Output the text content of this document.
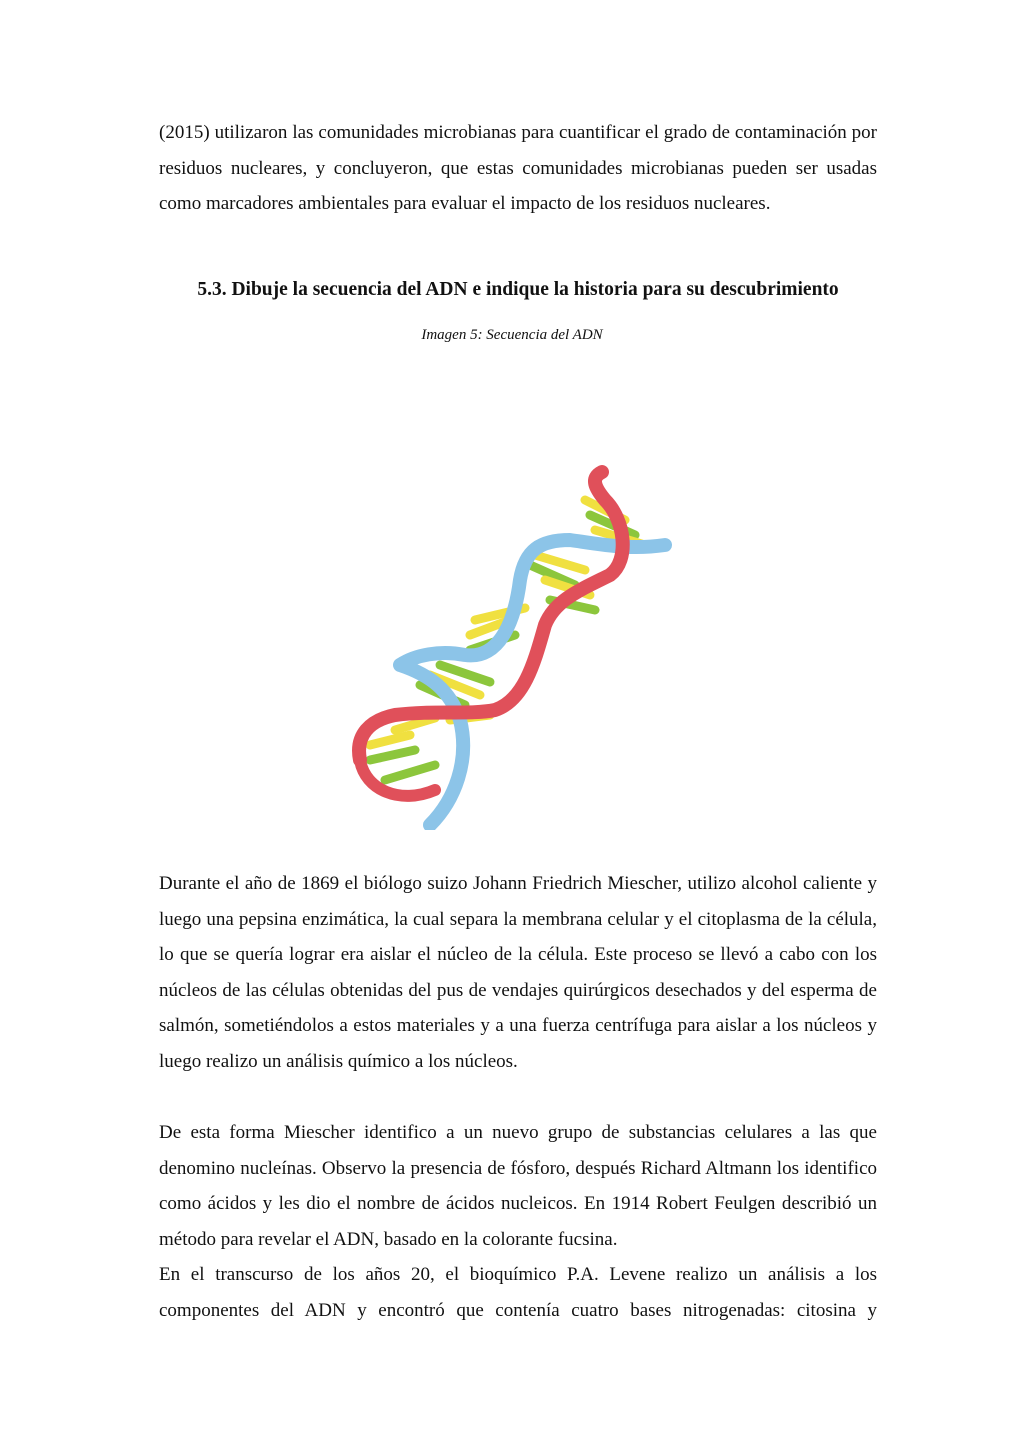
(2015) utilizaron las comunidades microbianas para cuantificar el grado de contaminación por residuos nucleares, y concluyeron, que estas comunidades microbianas pueden ser usadas como marcadores ambientales para evaluar el impacto de los residuos nucleares.

5.3. Dibuje la secuencia del ADN e indique la historia para su descubrimiento

Imagen 5: Secuencia del ADN

Durante el año de 1869 el biólogo suizo Johann Friedrich Miescher, utilizo alcohol caliente y luego una pepsina enzimática, la cual separa la membrana celular y el citoplasma de la célula, lo que se quería lograr era aislar el núcleo de la célula. Este proceso se llevó a cabo con los núcleos de las células obtenidas del pus de vendajes quirúrgicos desechados y del esperma de salmón, sometiéndolos a estos materiales y a una fuerza centrífuga para aislar a los núcleos y luego realizo un análisis químico a los núcleos.

De esta forma Miescher identifico a un nuevo grupo de substancias celulares a las que denomino nucleínas. Observo la presencia de fósforo, después Richard Altmann los identifico como ácidos y les dio el nombre de ácidos nucleicos. En 1914 Robert Feulgen describió un método para revelar el ADN, basado en la colorante fucsina.

En el transcurso de los años 20, el bioquímico P.A. Levene realizo un análisis a los componentes del ADN y encontró que contenía cuatro bases nitrogenadas: citosina y
